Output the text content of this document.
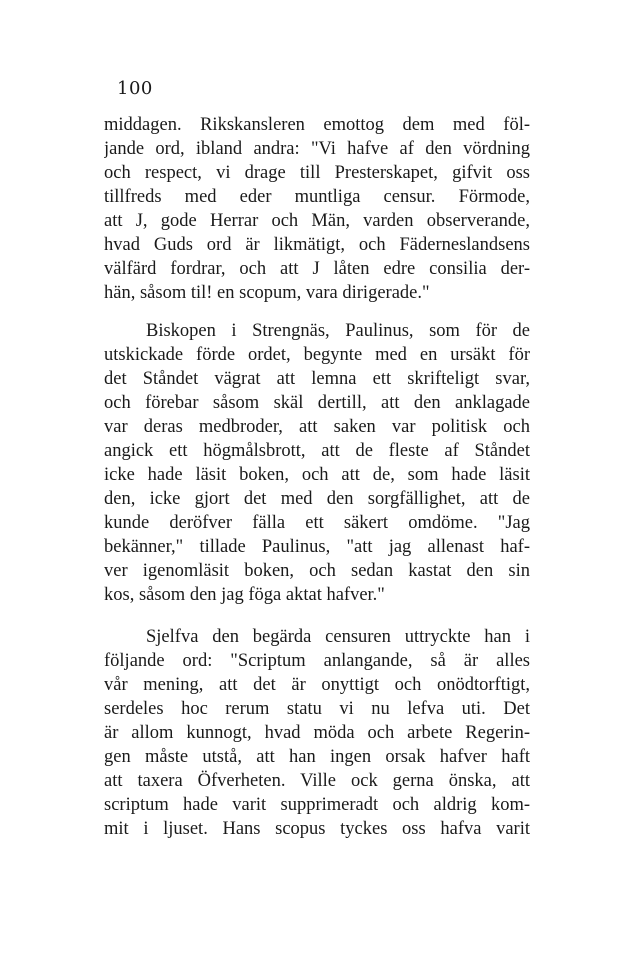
100
middagen. Rikskansleren emottog dem med föl-
jande ord, ibland andra: "Vi hafve af den vördning
och respect, vi drage till Presterskapet, gifvit oss
tillfreds med eder muntliga censur. Förmode,
att J, gode Herrar och Män, varden observerande,
hvad Guds ord är likmätigt, och Fäderneslandsens
välfärd fordrar, och att J låten edre consilia der-
hän, såsom til! en scopum, vara dirigerade."
Biskopen i Strengnäs, Paulinus, som för de
utskickade förde ordet, begynte med en ursäkt för
det Ståndet vägrat att lemna ett skrifteligt svar,
och förebar såsom skäl dertill, att den anklagade
var deras medbroder, att saken var politisk och
angick ett högmålsbrott, att de fleste af Ståndet
icke hade läsit boken, och att de, som hade läsit
den, icke gjort det med den sorgfällighet, att de
kunde deröfver fälla ett säkert omdöme. "Jag
bekänner," tillade Paulinus, "att jag allenast haf-
ver igenomläsit boken, och sedan kastat den sin
kos, såsom den jag föga aktat hafver."
Sjelfva den begärda censuren uttryckte han i
följande ord: "Scriptum anlangande, så är alles
vår mening, att det är onyttigt och onödtorftigt,
serdeles hoc rerum statu vi nu lefva uti. Det
är allom kunnogt, hvad möda och arbete Regerin-
gen måste utstå, att han ingen orsak hafver haft
att taxera Öfverheten. Ville ock gerna önska, att
scriptum hade varit supprimeradt och aldrig kom-
mit i ljuset. Hans scopus tyckes oss hafva varit
